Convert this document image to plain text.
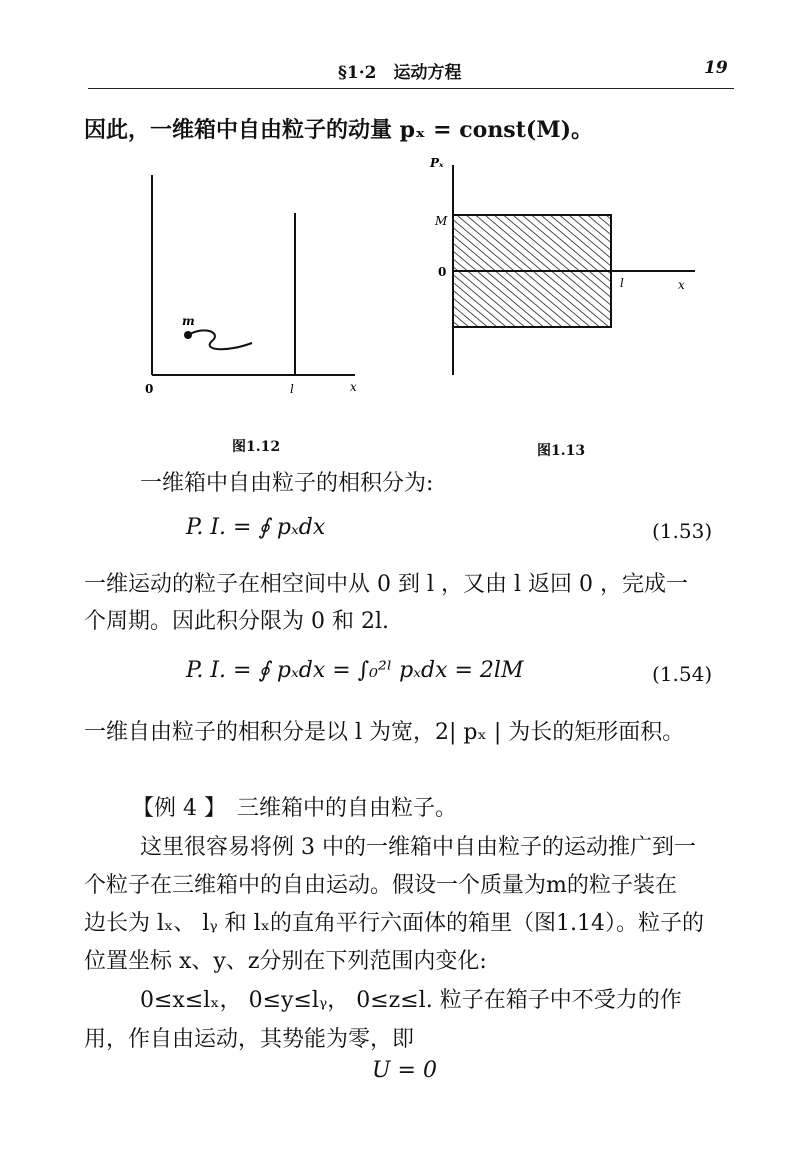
§1·2　运动方程	19
因此，一维箱中自由粒子的动量 pₓ = const(M)。
m
0	l	x
图1.12
Pₓ
M
0
l	x
图1.13
一维箱中自由粒子的相积分为:
P. I. = ∮ pₓdx	(1.53)
一维运动的粒子在相空间中从 0 到 l ，又由 l 返回 0 ，完成一
个周期。因此积分限为 0 和 2l.
P. I. = ∮ pₓdx = ∫₀²ˡ pₓdx = 2lM	(1.54)
一维自由粒子的相积分是以 l 为宽，2| pₓ | 为长的矩形面积。
【例 4 】　三维箱中的自由粒子。
这里很容易将例 3 中的一维箱中自由粒子的运动推广到一
个粒子在三维箱中的自由运动。假设一个质量为m的粒子装在
边长为 lₓ、 lᵧ 和 lₓ的直角平行六面体的箱里（图1.14）。粒子的
位置坐标 x、y、z分别在下列范围内变化:
0≤x≤lₓ， 0≤y≤lᵧ， 0≤z≤l. 粒子在箱子中不受力的作
用，作自由运动，其势能为零，即
U = 0
